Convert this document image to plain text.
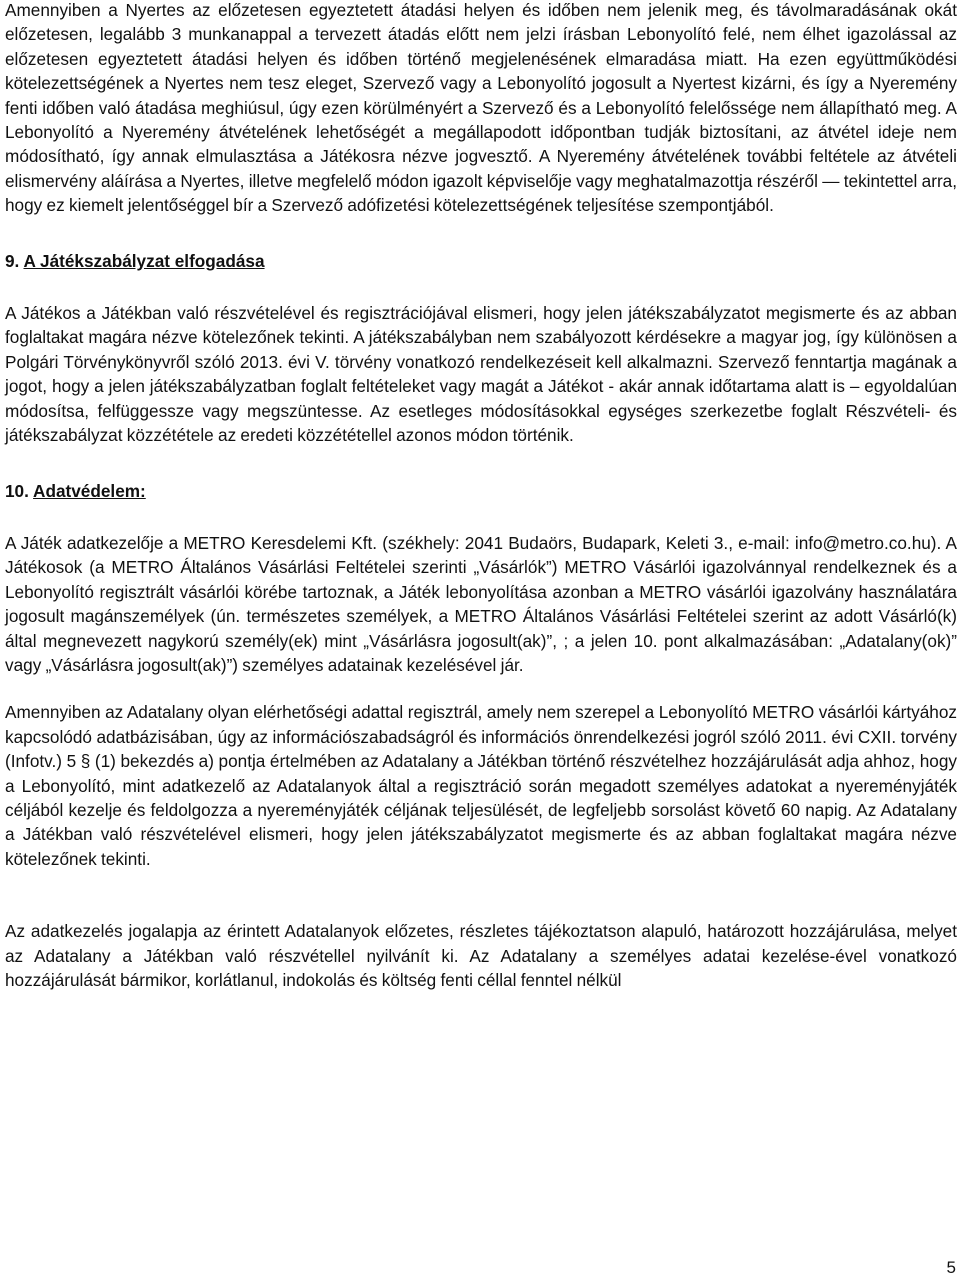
Amennyiben a Nyertes az előzetesen egyeztetett átadási helyen és időben nem jelenik meg, és távolmaradásának okát előzetesen, legalább 3 munkanappal a tervezett átadás előtt nem jelzi írásban Lebonyolító felé, nem élhet igazolással az előzetesen egyeztetett átadási helyen és időben történő megjelenésének elmaradása miatt. Ha ezen együttműködési kötelezettségének a Nyertes nem tesz eleget, Szervező vagy a Lebonyolító jogosult a Nyertest kizárni, és így a Nyeremény fenti időben való átadása meghiúsul, úgy ezen körülményért a Szervező és a Lebonyolító felelőssége nem állapítható meg. A Lebonyolító a Nyeremény átvételének lehetőségét a megállapodott időpontban tudják biztosítani, az átvétel ideje nem módosítható, így annak elmulasztása a Játékosra nézve jogvesztő. A Nyeremény átvételének további feltétele az átvételi elismervény aláírása a Nyertes, illetve megfelelő módon igazolt képviselője vagy meghatalmazottja részéről — tekintettel arra, hogy ez kiemelt jelentőséggel bír a Szervező adófizetési kötelezettségének teljesítése szempontjából.

9. A Játékszabályzat elfogadása

A Játékos a Játékban való részvételével és regisztrációjával elismeri, hogy jelen játékszabályzatot megismerte és az abban foglaltakat magára nézve kötelezőnek tekinti. A játékszabályban nem szabályozott kérdésekre a magyar jog, így különösen a Polgári Törvénykönyvről szóló 2013. évi V. törvény vonatkozó rendelkezéseit kell alkalmazni. Szervező fenntartja magának a jogot, hogy a jelen játékszabályzatban foglalt feltételeket vagy magát a Játékot - akár annak időtartama alatt is – egyoldalúan módosítsa, felfüggessze vagy megszüntesse. Az esetleges módosításokkal egységes szerkezetbe foglalt Részvételi- és játékszabályzat közzététele az eredeti közzététellel azonos módon történik.

10. Adatvédelem:

A Játék adatkezelője a METRO Keresdelemi Kft. (székhely: 2041 Budaörs, Budapark, Keleti 3., e-mail: info@metro.co.hu). A Játékosok (a METRO Általános Vásárlási Feltételei szerinti „Vásárlók”) METRO Vásárlói igazolvánnyal rendelkeznek és a Lebonyolító regisztrált vásárlói körébe tartoznak, a Játék lebonyolítása azonban a METRO vásárlói igazolvány használatára jogosult magánszemélyek (ún. természetes személyek, a METRO Általános Vásárlási Feltételei szerint az adott Vásárló(k) által megnevezett nagykorú személy(ek) mint „Vásárlásra jogosult(ak)”, ; a jelen 10. pont alkalmazásában: „Adatalany(ok)” vagy „Vásárlásra jogosult(ak)”) személyes adatainak kezelésével jár.

Amennyiben az Adatalany olyan elérhetőségi adattal regisztrál, amely nem szerepel a Lebonyolító METRO vásárlói kártyához kapcsolódó adatbázisában, úgy az információszabadságról és információs önrendelkezési jogról szóló 2011. évi CXII. torvény (Infotv.) 5 § (1) bekezdés a) pontja értelmében az Adatalany a Játékban történő részvételhez hozzájárulását adja ahhoz, hogy a Lebonyolító, mint adatkezelő az Adatalanyok által a regisztráció során megadott személyes adatokat a nyereményjáték céljából kezelje és feldolgozza a nyereményjáték céljának teljesülését, de legfeljebb sorsolást követő 60 napig. Az Adatalany a Játékban való részvételével elismeri, hogy jelen játékszabályzatot megismerte és az abban foglaltakat magára nézve kötelezőnek tekinti.

Az adatkezelés jogalapja az érintett Adatalanyok előzetes, részletes tájékoztatson alapuló, határozott hozzájárulása, melyet az Adatalany a Játékban való részvétellel nyilvánít ki. Az Adatalany a személyes adatai kezelése-ével vonatkozó hozzájárulását bármikor, korlátlanul, indokolás és költség fenti céllal fenntel nélkül

5
